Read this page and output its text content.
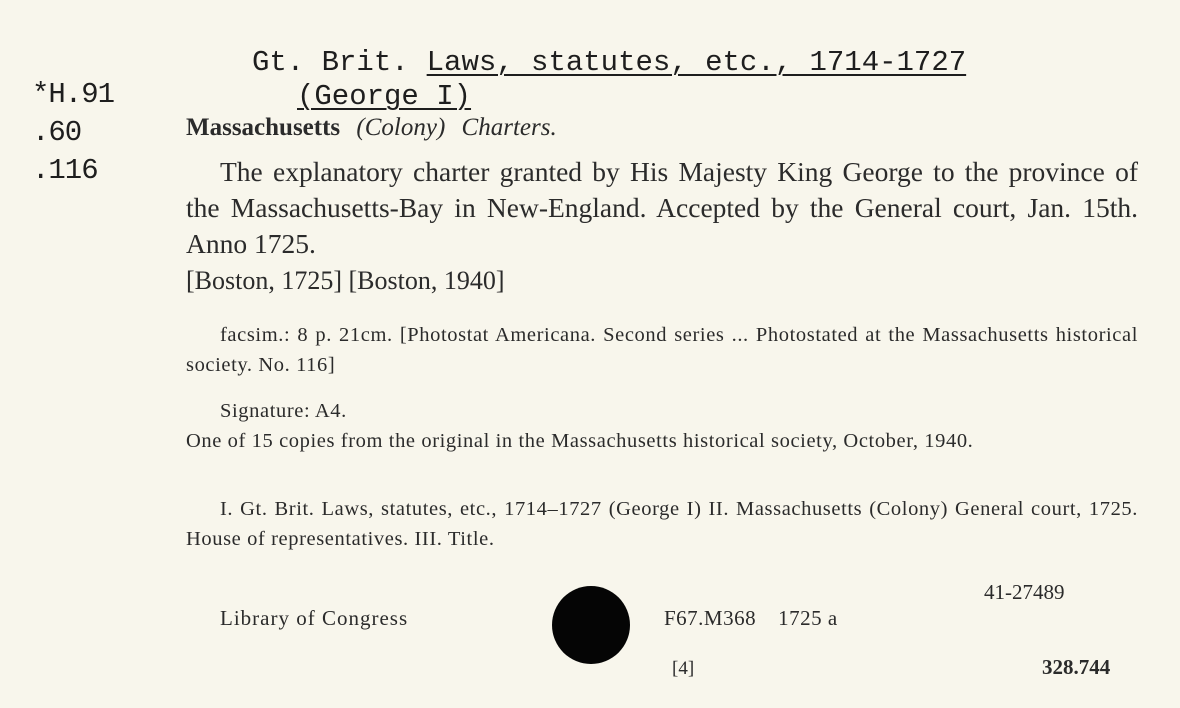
*H.91
.60
.116
Gt. Brit. Laws, statutes, etc., 1714-1727
(George I)
Massachusetts (Colony) Charters.
The explanatory charter granted by His Majesty King George to the province of the Massachusetts-Bay in New-England. Accepted by the General court, Jan. 15th. Anno 1725.
[Boston, 1725] [Boston, 1940]
facsim.: 8 p. 21cm. [Photostat Americana. Second series ... Photostated at the Massachusetts historical society. No. 116]
Signature: A4.
One of 15 copies from the original in the Massachusetts historical society, October, 1940.
I. Gt. Brit. Laws, statutes, etc., 1714–1727 (George I) II. Massachusetts (Colony) General court, 1725. House of representatives. III. Title.
41-27489
Library of Congress	F67.M368 1725 a
[4]	328.744
